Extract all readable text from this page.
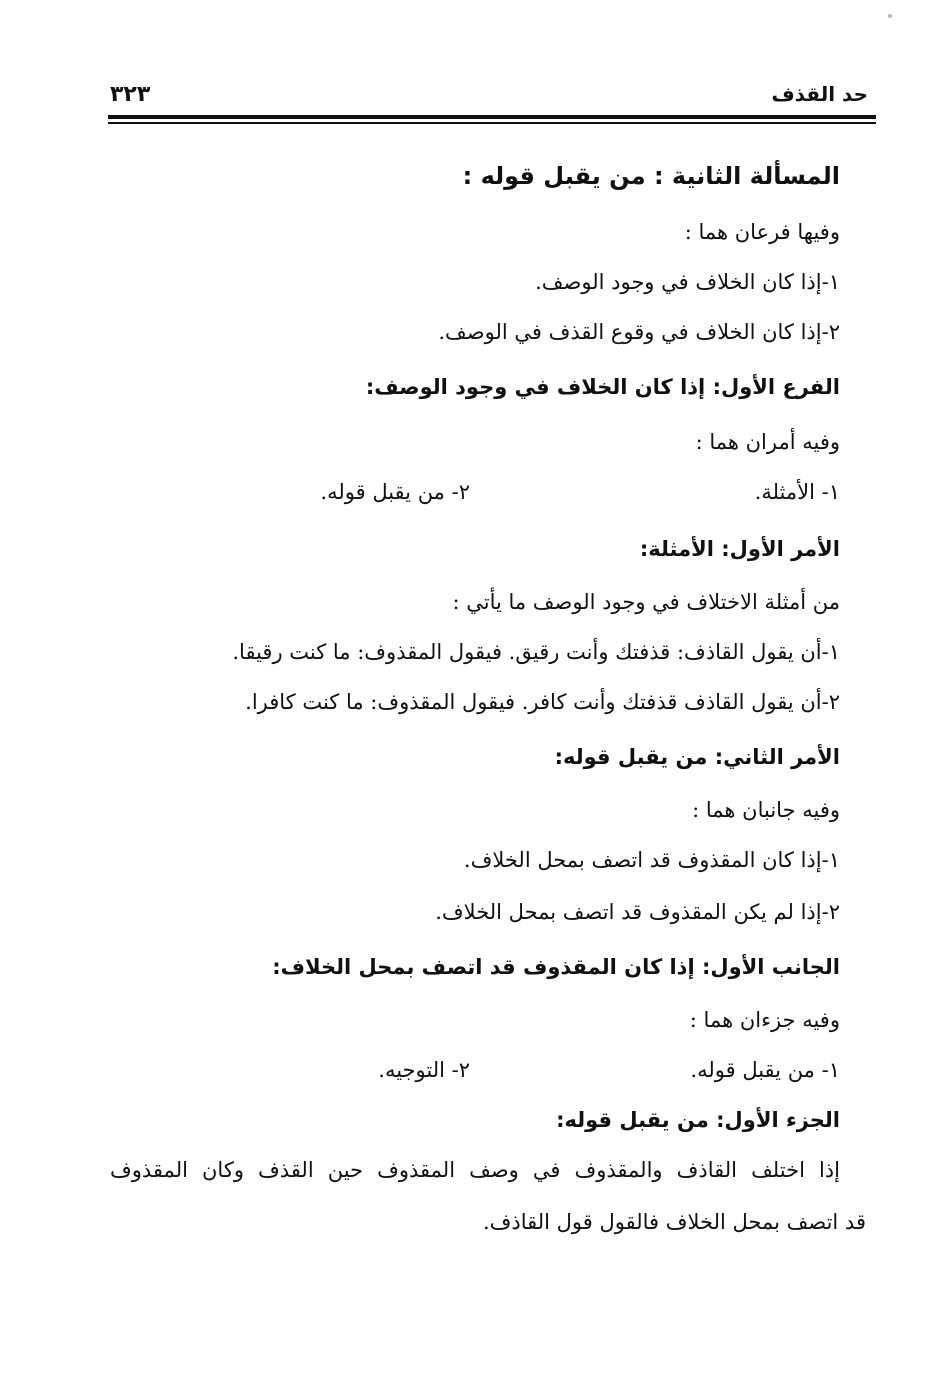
حد القذف
٣٢٣
المسألة الثانية : من يقبل قوله :
وفيها فرعان هما :
١-إذا كان الخلاف في وجود الوصف.
٢-إذا كان الخلاف في وقوع القذف في الوصف.
الفرع الأول: إذا كان الخلاف في وجود الوصف:
وفيه أمران هما :
١- الأمثلة.
٢- من يقبل قوله.
الأمر الأول: الأمثلة:
من أمثلة الاختلاف في وجود الوصف ما يأتي :
١-أن يقول القاذف: قذفتك وأنت رقيق. فيقول المقذوف: ما كنت رقيقا.
٢-أن يقول القاذف قذفتك وأنت كافر. فيقول المقذوف: ما كنت كافرا.
الأمر الثاني: من يقبل قوله:
وفيه جانبان هما :
١-إذا كان المقذوف قد اتصف بمحل الخلاف.
٢-إذا لم يكن المقذوف قد اتصف بمحل الخلاف.
الجانب الأول: إذا كان المقذوف قد اتصف بمحل الخلاف:
وفيه جزءان هما :
١- من يقبل قوله.
٢- التوجيه.
الجزء الأول: من يقبل قوله:
إذا اختلف القاذف والمقذوف في وصف المقذوف حين القذف وكان المقذوف
قد اتصف بمحل الخلاف فالقول قول القاذف.
